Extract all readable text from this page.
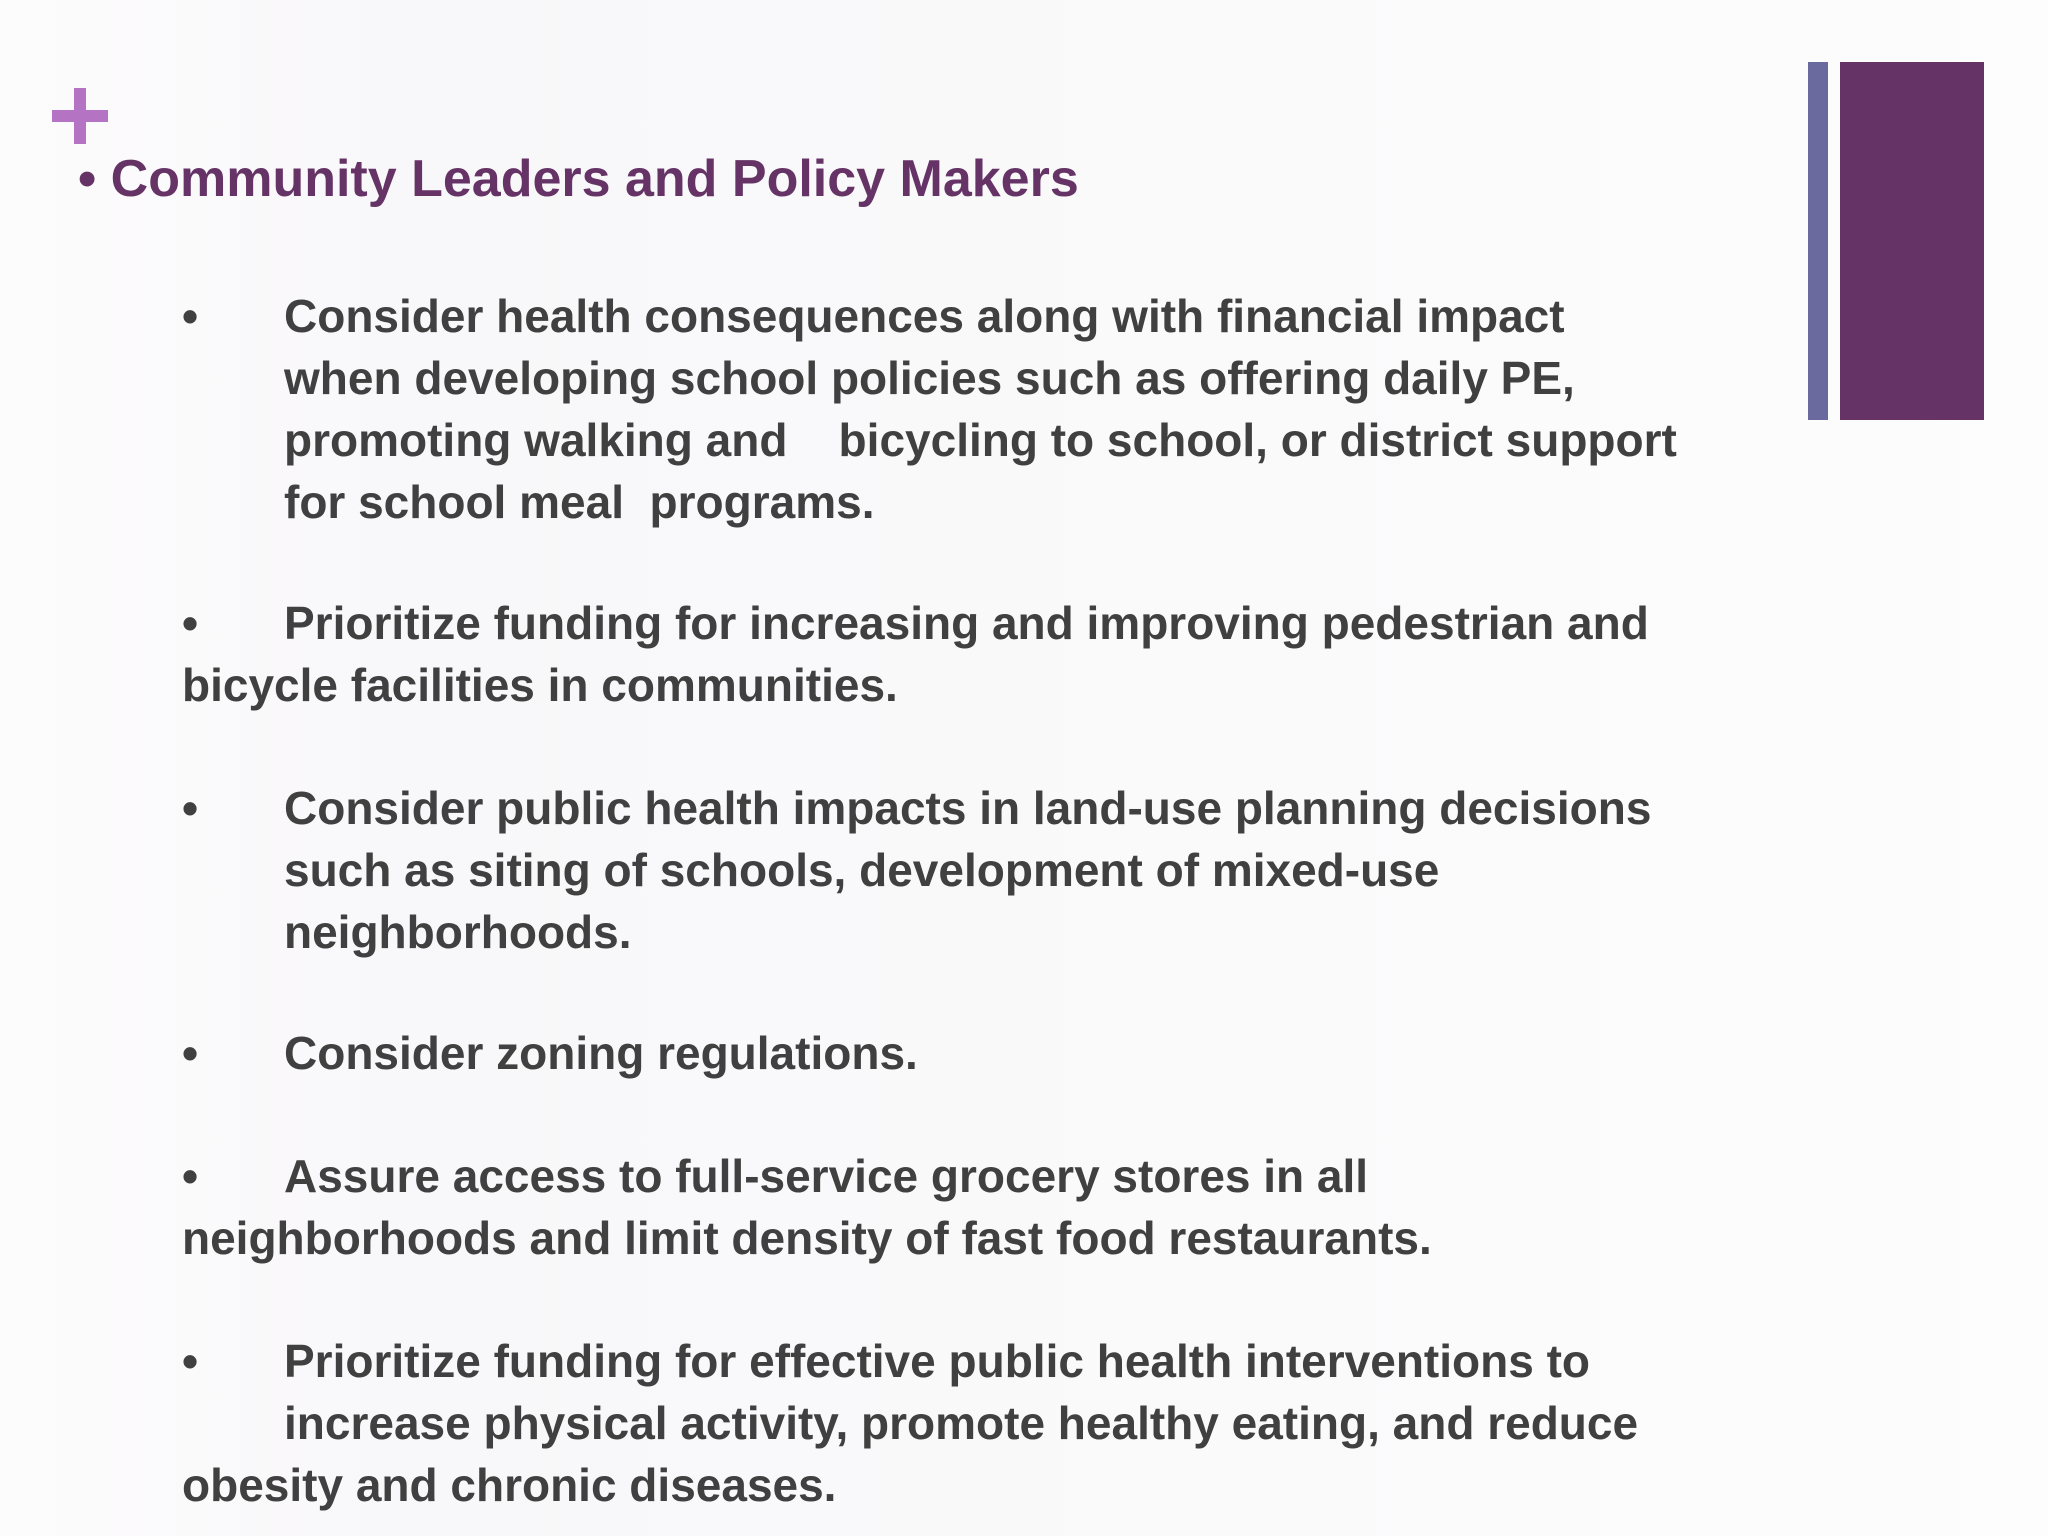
• Community Leaders and Policy Makers
• Consider health consequences along with financial impact
when developing school policies such as offering daily PE,
promoting walking and    bicycling to school, or district support
for school meal  programs.
• Prioritize funding for increasing and improving pedestrian and
bicycle facilities in communities.
• Consider public health impacts in land-use planning decisions
such as siting of schools, development of mixed-use
neighborhoods.
• Consider zoning regulations.
• Assure access to full-service grocery stores in all
neighborhoods and limit density of fast food restaurants.
• Prioritize funding for effective public health interventions to
increase physical activity, promote healthy eating, and reduce
obesity and chronic diseases.
